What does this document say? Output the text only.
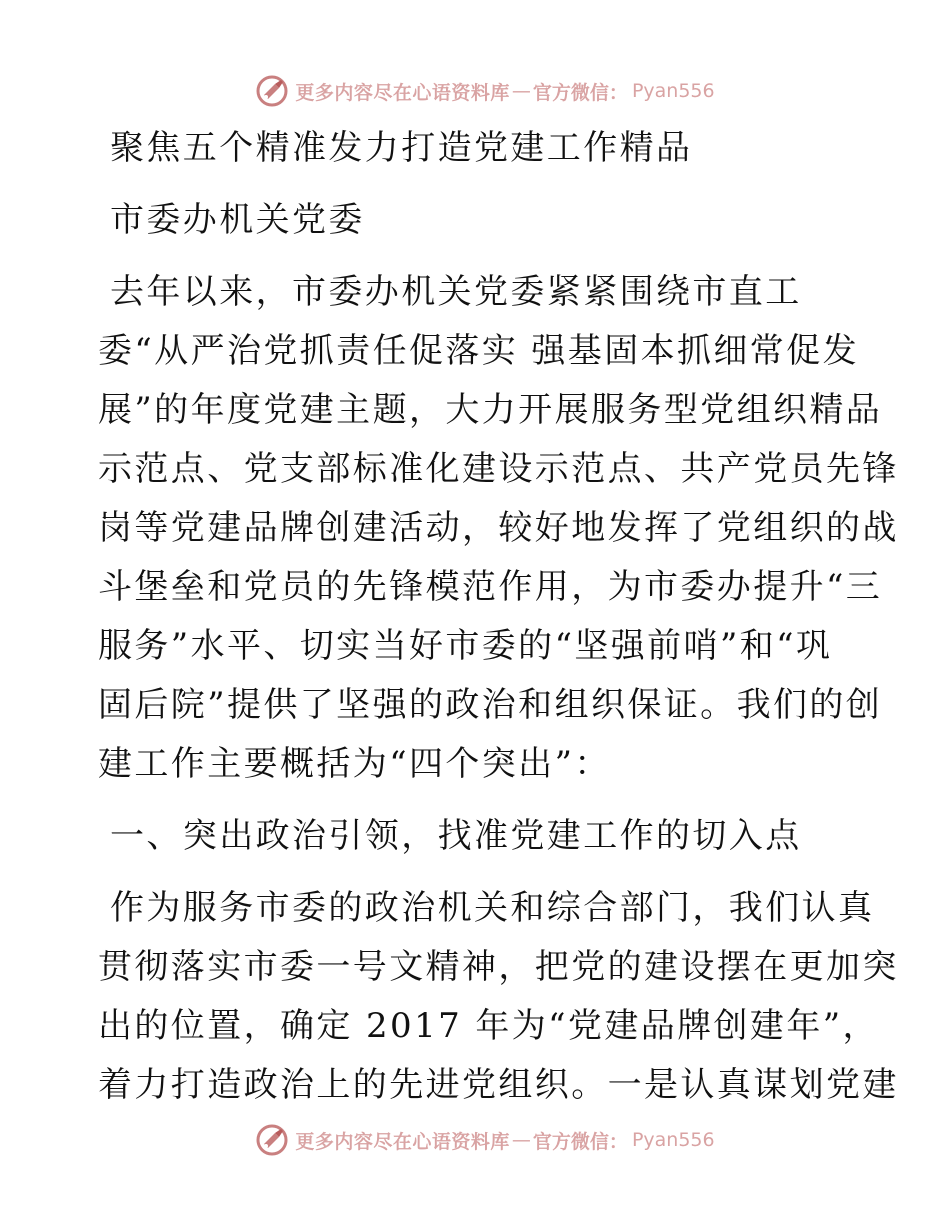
更多内容尽在心语资料库 — 官方微信： Pyan556
聚焦五个精准发力打造党建工作精品
市委办机关党委
去年以来，市委办机关党委紧紧围绕市直工
委“从严治党抓责任促落实 强基固本抓细常促发
展”的年度党建主题，大力开展服务型党组织精品
示范点、党支部标准化建设示范点、共产党员先锋
岗等党建品牌创建活动，较好地发挥了党组织的战
斗堡垒和党员的先锋模范作用，为市委办提升“三
服务”水平、切实当好市委的“坚强前哨”和“巩
固后院”提供了坚强的政治和组织保证。我们的创
建工作主要概括为“四个突出”：
一、突出政治引领，找准党建工作的切入点
作为服务市委的政治机关和综合部门，我们认真
贯彻落实市委一号文精神，把党的建设摆在更加突
出的位置，确定 2017 年为“党建品牌创建年”，
着力打造政治上的先进党组织。一是认真谋划党建
更多内容尽在心语资料库 — 官方微信： Pyan556
